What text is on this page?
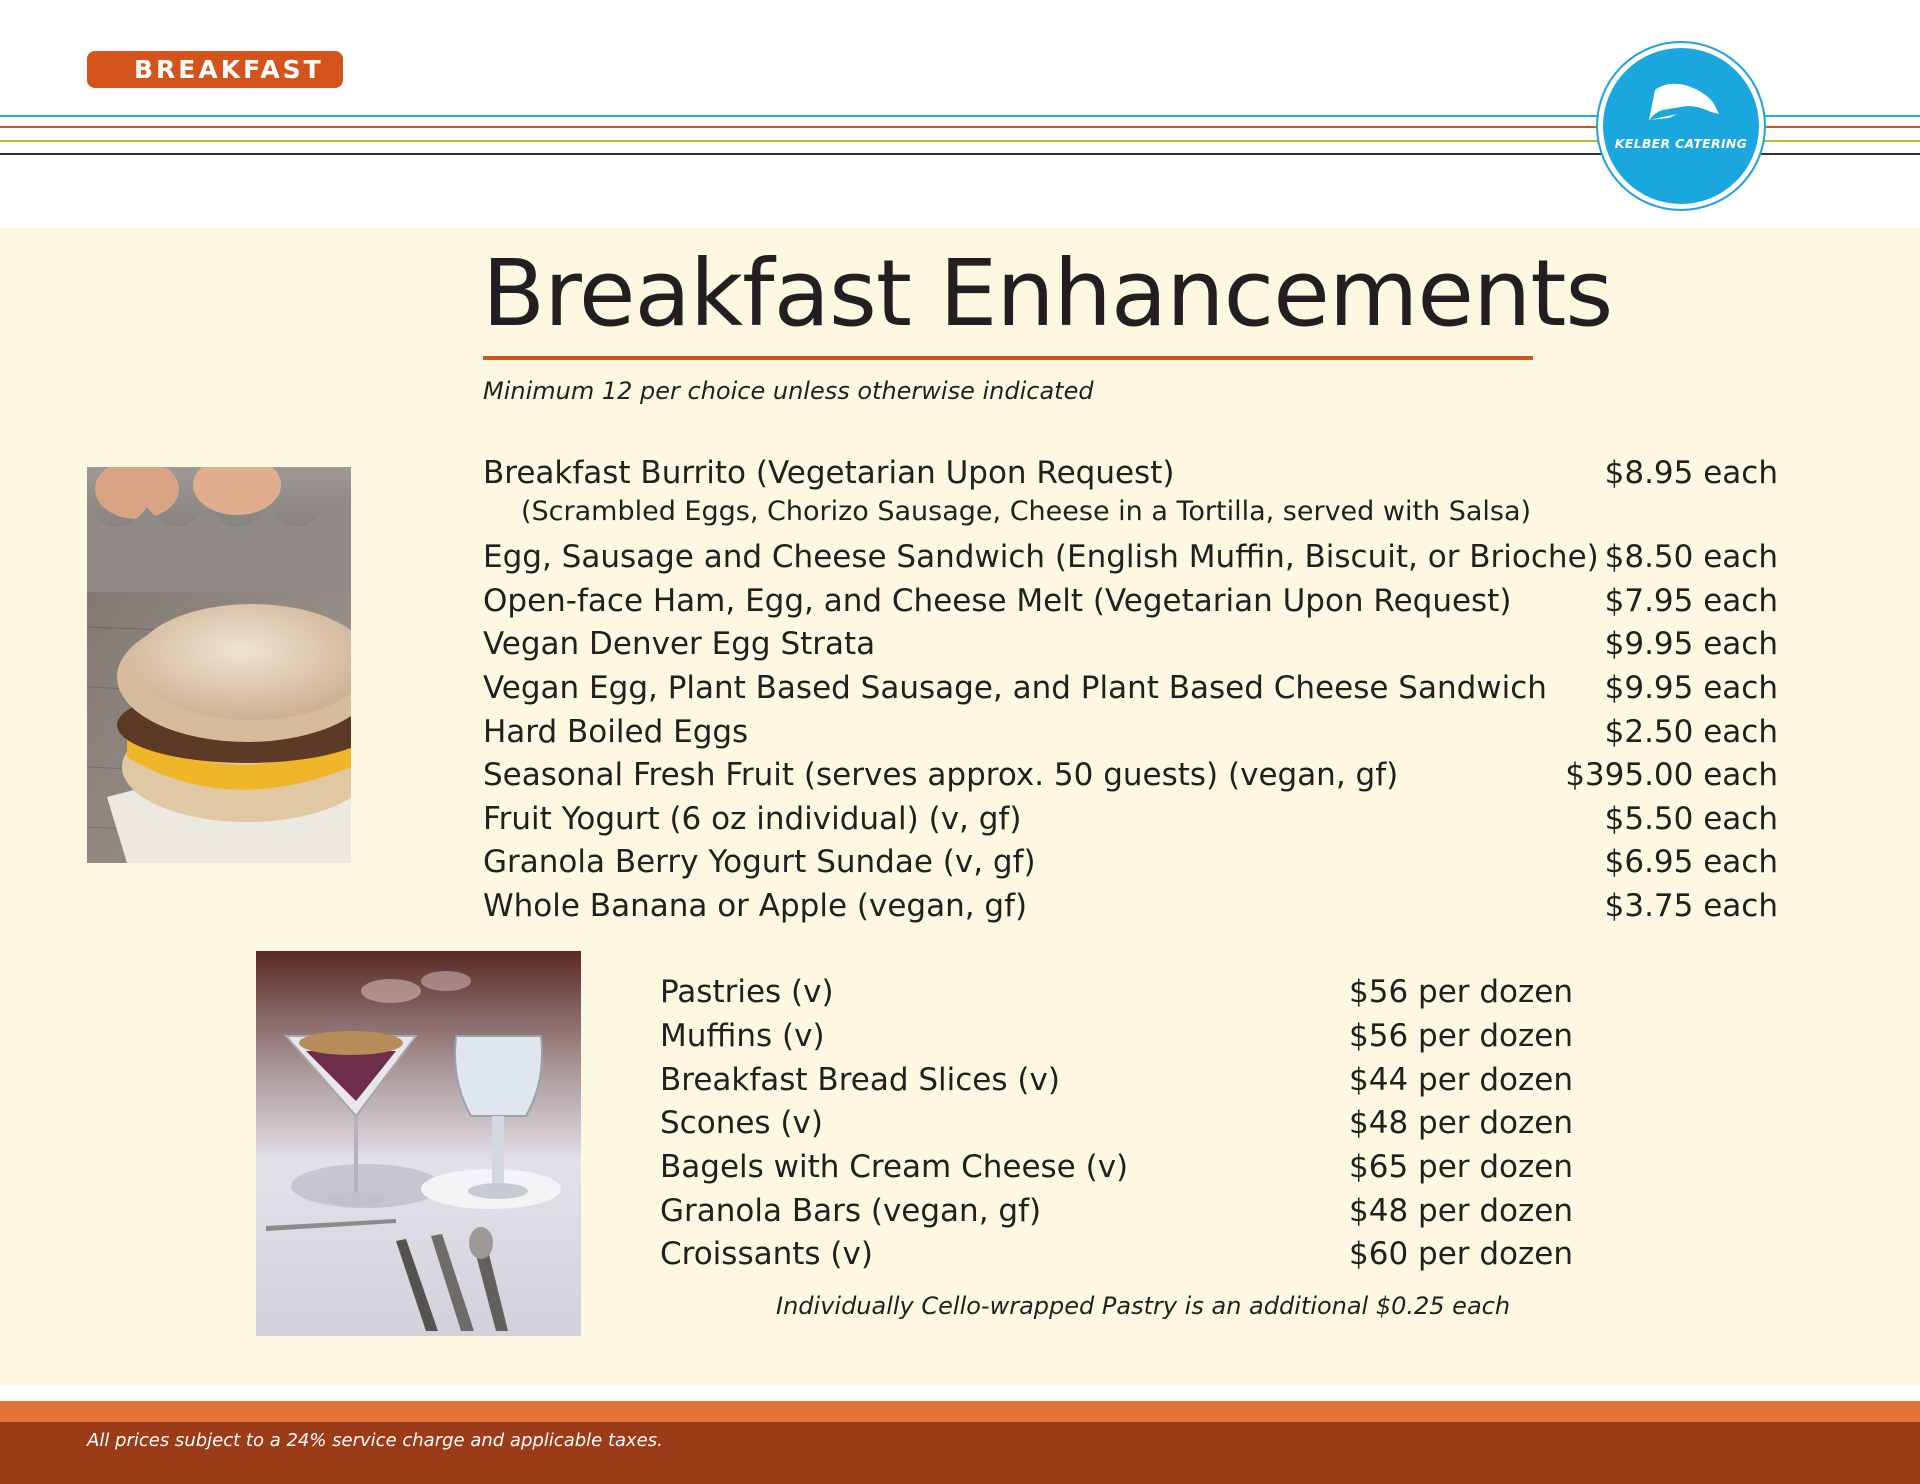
BREAKFAST
KELBER CATERING
Breakfast Enhancements
Minimum 12 per choice unless otherwise indicated
Breakfast Burrito (Vegetarian Upon Request)	$8.95 each
(Scrambled Eggs, Chorizo Sausage, Cheese in a Tortilla, served with Salsa)
Egg, Sausage and Cheese Sandwich (English Muffin, Biscuit, or Brioche) $8.50 each
Open-face Ham, Egg, and Cheese Melt (Vegetarian Upon Request)	$7.95 each
Vegan Denver Egg Strata	$9.95 each
Vegan Egg, Plant Based Sausage, and Plant Based Cheese Sandwich $9.95 each
Hard Boiled Eggs	$2.50 each
Seasonal Fresh Fruit (serves approx. 50 guests) (vegan, gf)	$395.00 each
Fruit Yogurt (6 oz individual) (v, gf)	$5.50 each
Granola Berry Yogurt Sundae (v, gf)	$6.95 each
Whole Banana or Apple (vegan, gf)	$3.75 each
Pastries (v)	$56 per dozen
Muffins (v)	$56 per dozen
Breakfast Bread Slices (v)	$44 per dozen
Scones (v)	$48 per dozen
Bagels with Cream Cheese (v)	$65 per dozen
Granola Bars (vegan, gf)	$48 per dozen
Croissants (v)	$60 per dozen
Individually Cello-wrapped Pastry is an additional $0.25 each
All prices subject to a 24% service charge and applicable taxes.
